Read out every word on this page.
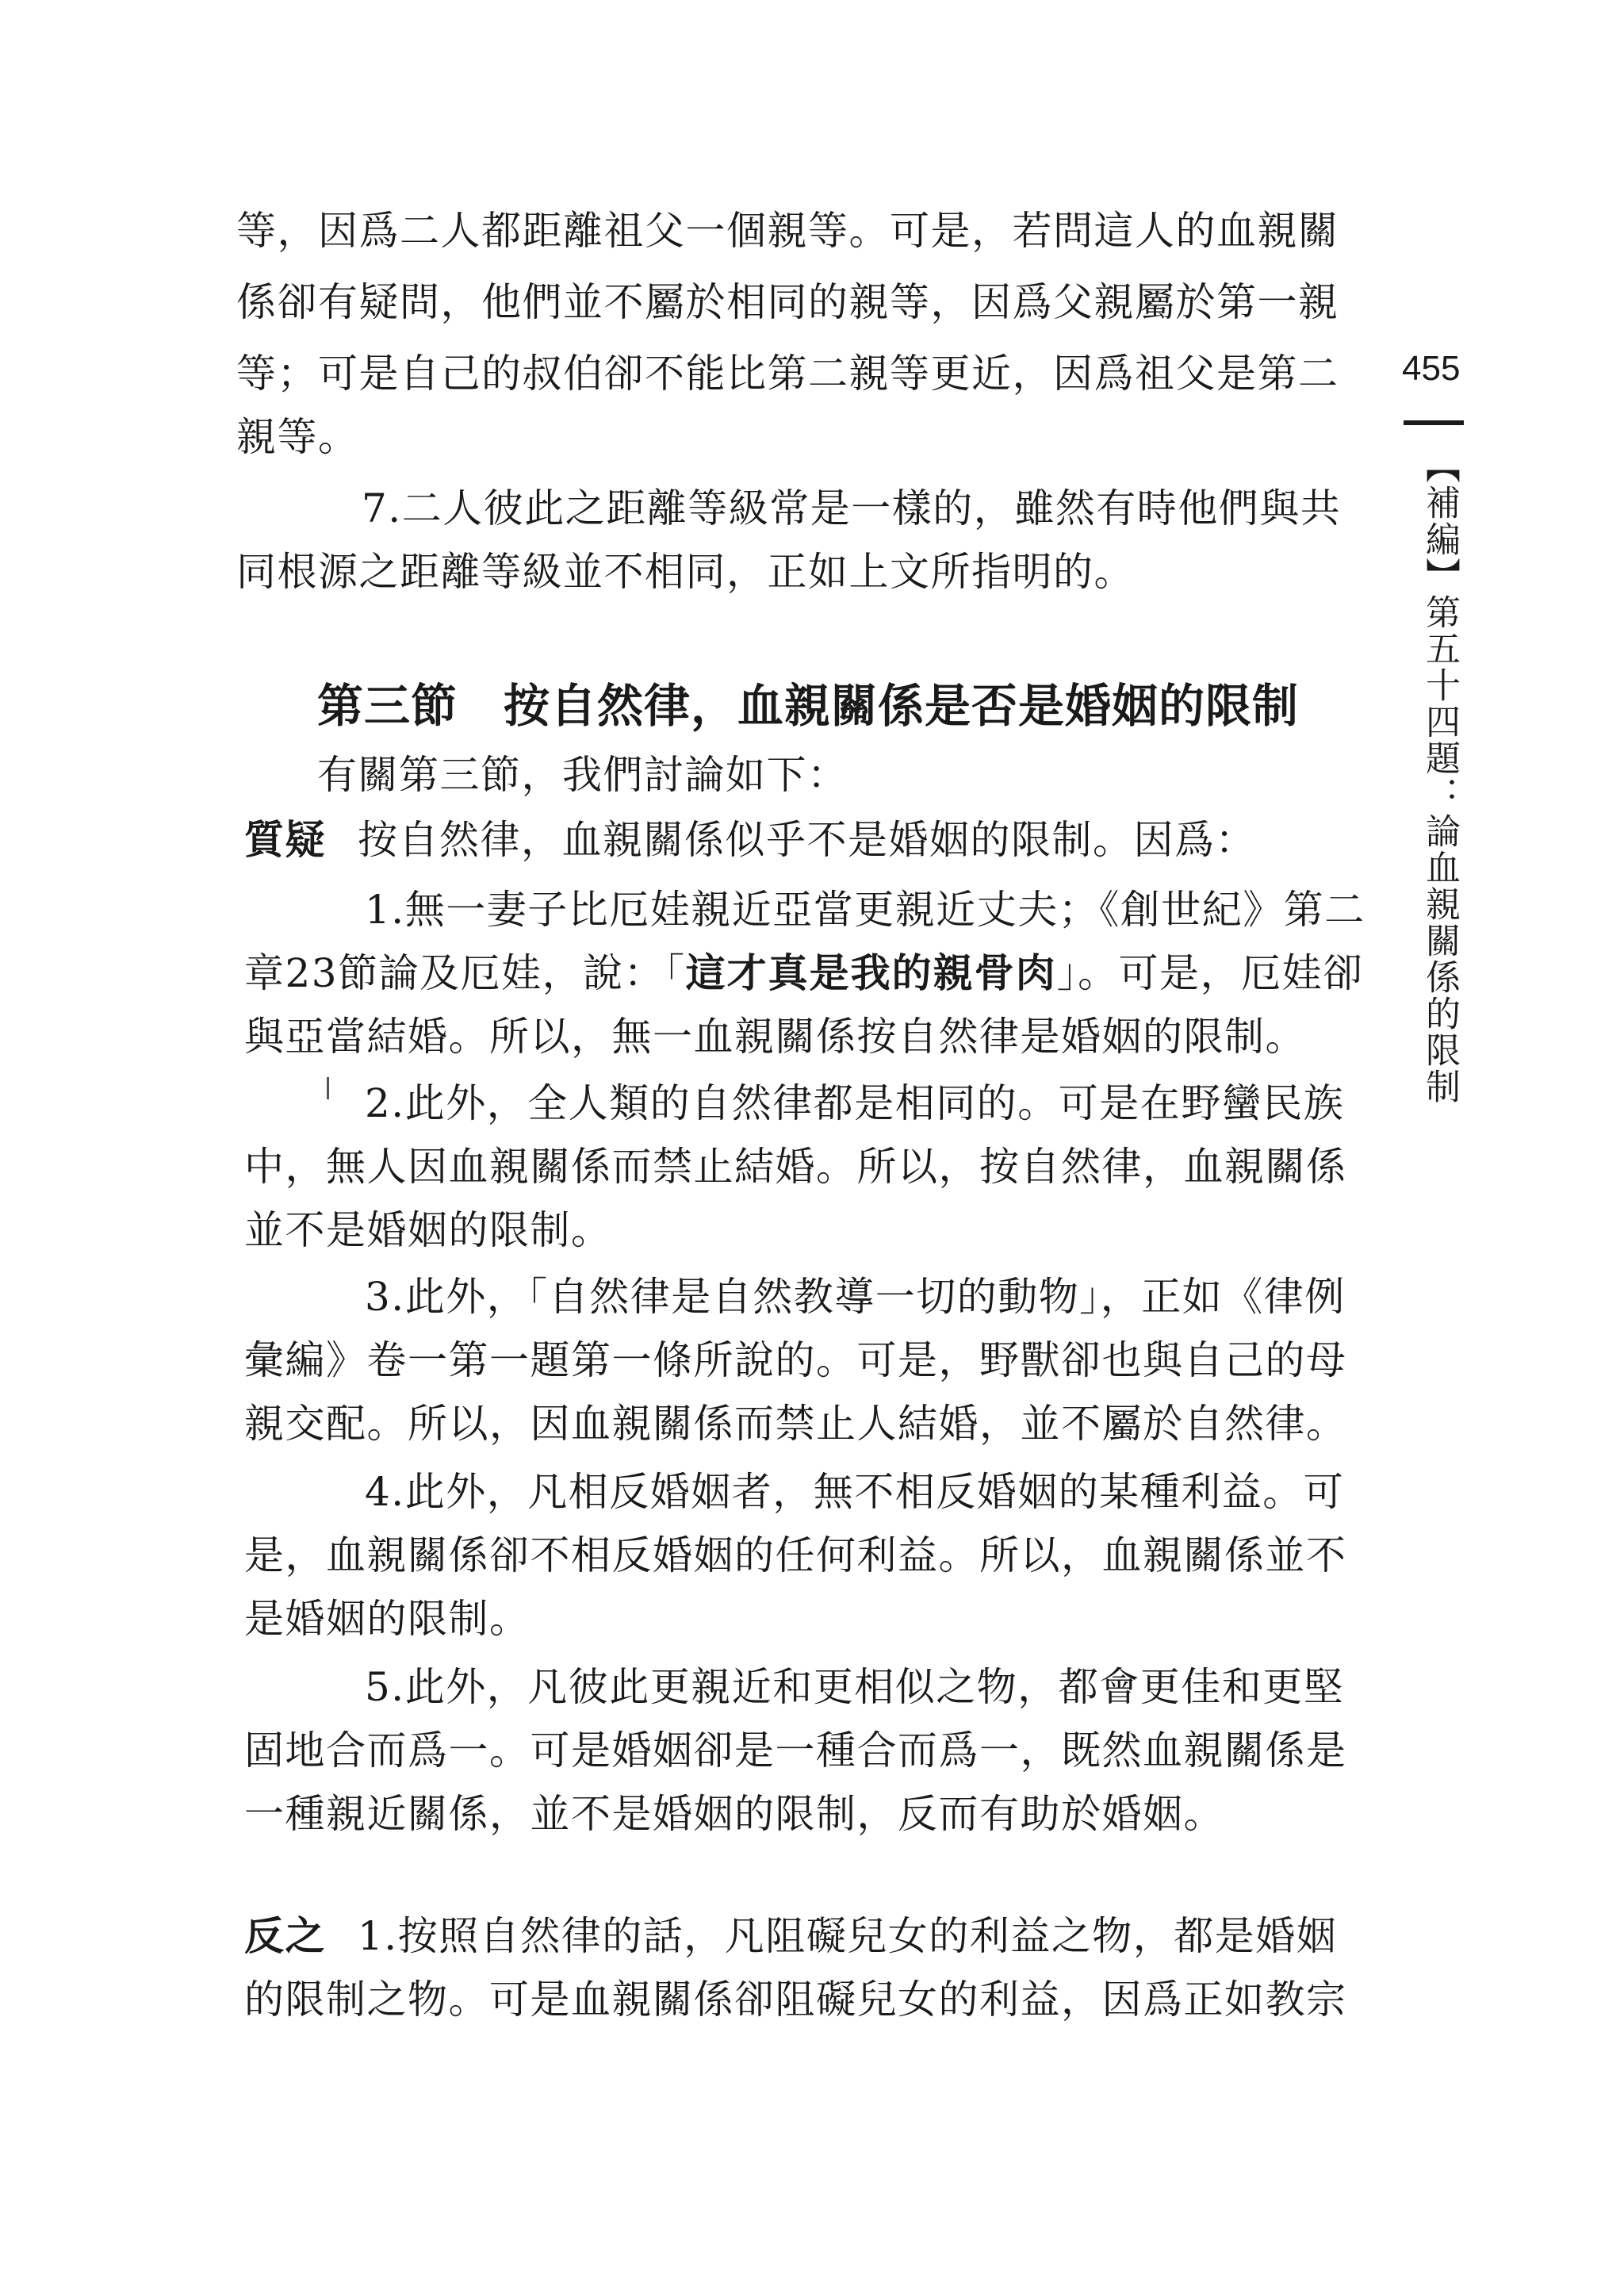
等，因爲二人都距離祖父一個親等。可是，若問這人的血親關
係卻有疑問，他們並不屬於相同的親等，因爲父親屬於第一親
等；可是自己的叔伯卻不能比第二親等更近，因爲祖父是第二
親等。
7.二人彼此之距離等級常是一樣的，雖然有時他們與共
同根源之距離等級並不相同，正如上文所指明的。
第三節 按自然律，血親關係是否是婚姻的限制
有關第三節，我們討論如下：
質疑 按自然律，血親關係似乎不是婚姻的限制。因爲：
1.無一妻子比厄娃親近亞當更親近丈夫；《創世紀》第二
章23節論及厄娃，說：「這才真是我的親骨肉」。可是，厄娃卻
與亞當結婚。所以，無一血親關係按自然律是婚姻的限制。
2.此外，全人類的自然律都是相同的。可是在野蠻民族
中，無人因血親關係而禁止結婚。所以，按自然律，血親關係
並不是婚姻的限制。
3.此外，「自然律是自然教導一切的動物」，正如《律例
彙編》卷一第一題第一條所說的。可是，野獸卻也與自己的母
親交配。所以，因血親關係而禁止人結婚，並不屬於自然律。
4.此外，凡相反婚姻者，無不相反婚姻的某種利益。可
是，血親關係卻不相反婚姻的任何利益。所以，血親關係並不
是婚姻的限制。
5.此外，凡彼此更親近和更相似之物，都會更佳和更堅
固地合而爲一。可是婚姻卻是一種合而爲一，既然血親關係是
一種親近關係，並不是婚姻的限制，反而有助於婚姻。
反之 1.按照自然律的話，凡阻礙兒女的利益之物，都是婚姻
的限制之物。可是血親關係卻阻礙兒女的利益，因爲正如教宗
455
【補編】第五十四題：論血親關係的限制
